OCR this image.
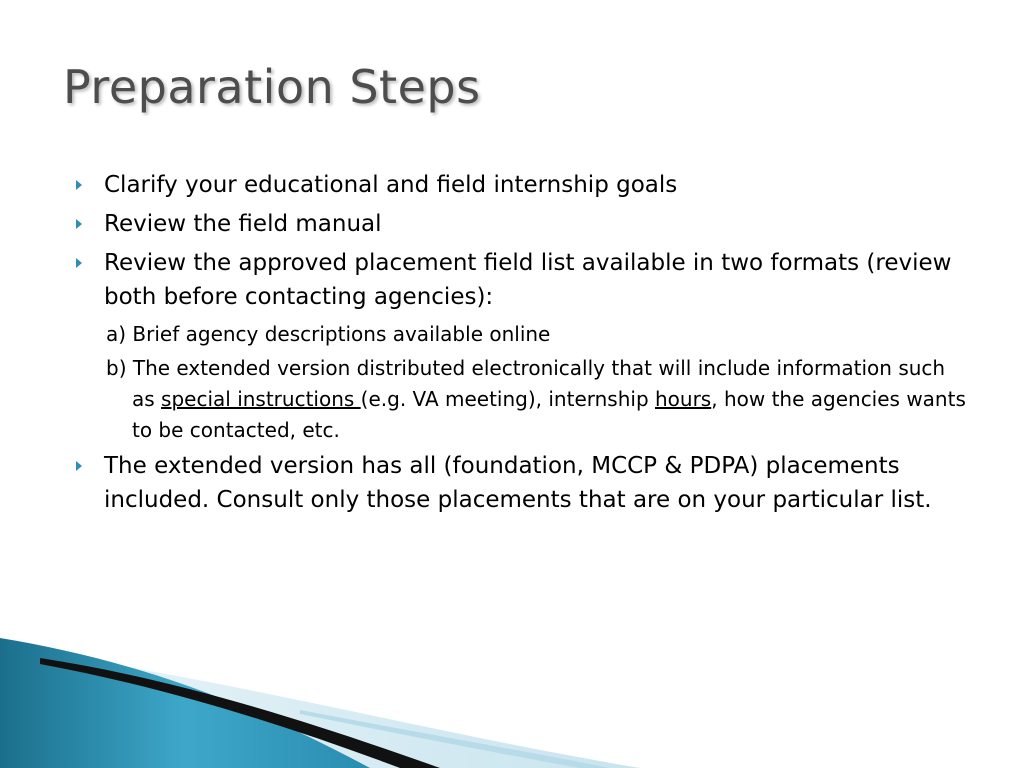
Preparation Steps
Clarify your educational and field internship goals
Review the field manual
Review the approved placement field list available in two formats (review both before contacting agencies):
a) Brief agency descriptions available online
b) The extended version distributed electronically that will include information such as special instructions (e.g. VA meeting), internship hours, how the agencies wants to be contacted, etc.
The extended version has all (foundation, MCCP & PDPA) placements included. Consult only those placements that are on your particular list.
